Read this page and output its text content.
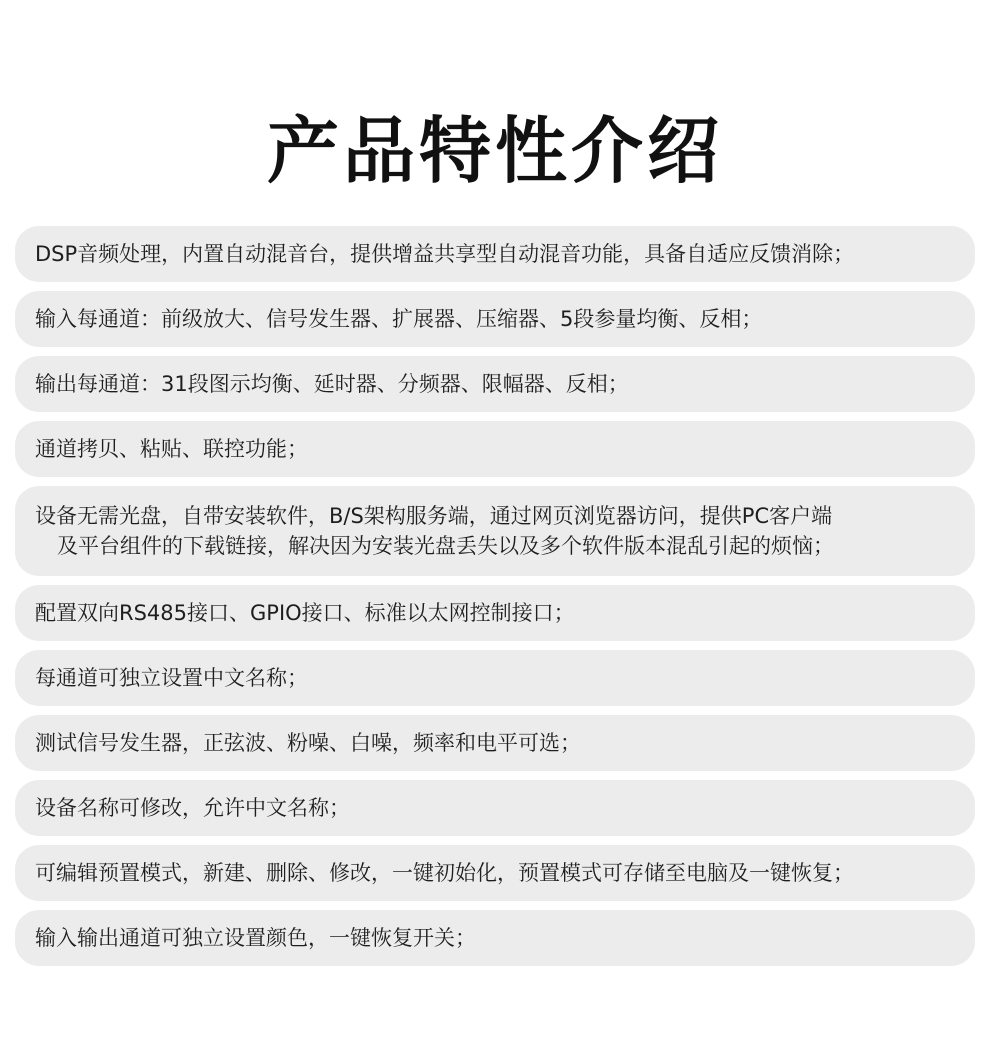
产品特性介绍
DSP音频处理，内置自动混音台，提供增益共享型自动混音功能，具备自适应反馈消除；
输入每通道：前级放大、信号发生器、扩展器、压缩器、5段参量均衡、反相；
输出每通道：31段图示均衡、延时器、分频器、限幅器、反相；
通道拷贝、粘贴、联控功能；
设备无需光盘，自带安装软件，B/S架构服务端，通过网页浏览器访问，提供PC客户端
及平台组件的下载链接，解决因为安装光盘丢失以及多个软件版本混乱引起的烦恼；
配置双向RS485接口、GPIO接口、标准以太网控制接口；
每通道可独立设置中文名称；
测试信号发生器，正弦波、粉噪、白噪，频率和电平可选；
设备名称可修改，允许中文名称；
可编辑预置模式，新建、删除、修改，一键初始化，预置模式可存储至电脑及一键恢复；
输入输出通道可独立设置颜色，一键恢复开关；
